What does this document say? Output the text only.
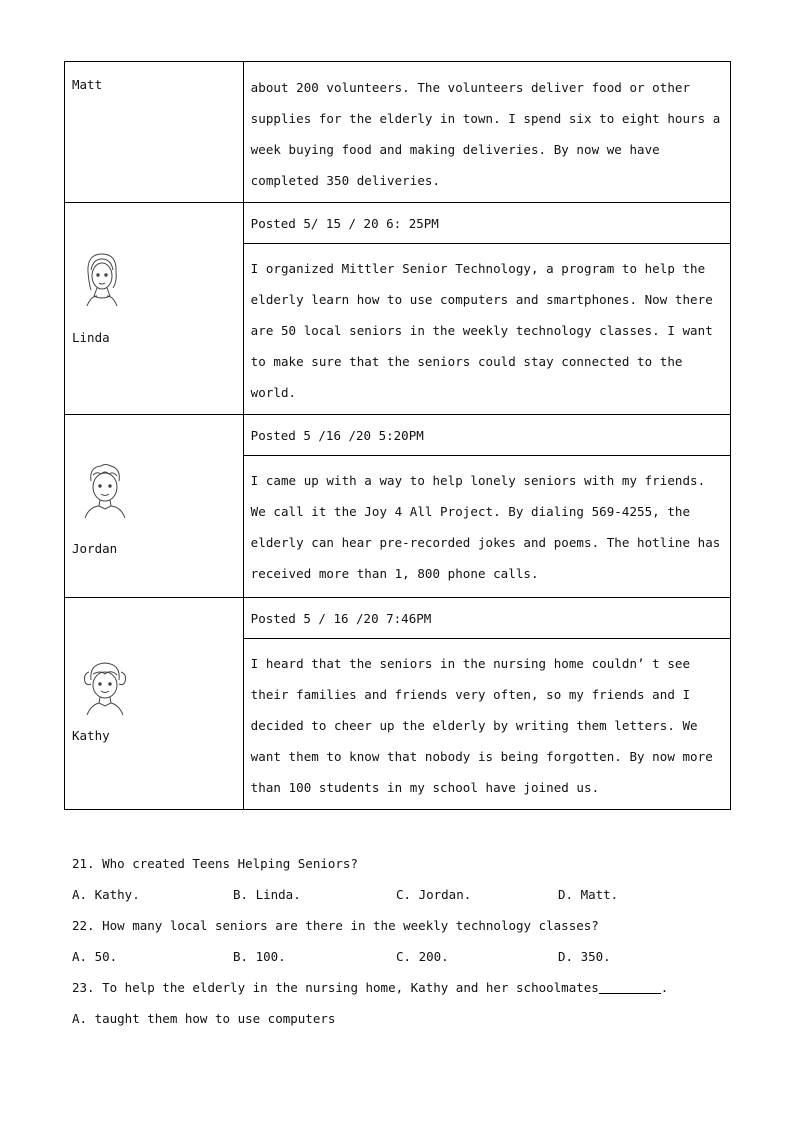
Matt	about 200 volunteers. The volunteers deliver food or other supplies for the elderly in town. I spend six to eight hours a week buying food and making deliveries. By now we have completed 350 deliveries.

Linda	Posted 5/ 15 / 20 6: 25PM
I organized Mittler Senior Technology, a program to help the elderly learn how to use computers and smartphones. Now there are 50 local seniors in the weekly technology classes. I want to make sure that the seniors could stay connected to the world.

Jordan	Posted 5 /16 /20 5:20PM
I came up with a way to help lonely seniors with my friends. We call it the Joy 4 All Project. By dialing 569-4255, the elderly can hear pre-recorded jokes and poems. The hotline has received more than 1, 800 phone calls.

Kathy	Posted 5 / 16 /20 7:46PM
I heard that the seniors in the nursing home couldn’ t see their families and friends very often, so my friends and I decided to cheer up the elderly by writing them letters. We want them to know that nobody is being forgotten. By now more than 100 students in my school have joined us.
21. Who created Teens Helping Seniors?
A. Kathy.	B. Linda.	C. Jordan.	D. Matt.
22. How many local seniors are there in the weekly technology classes?
A. 50.	B. 100.	C. 200.	D. 350.
23. To help the elderly in the nursing home, Kathy and her schoolmates	.
A. taught them how to use computers
